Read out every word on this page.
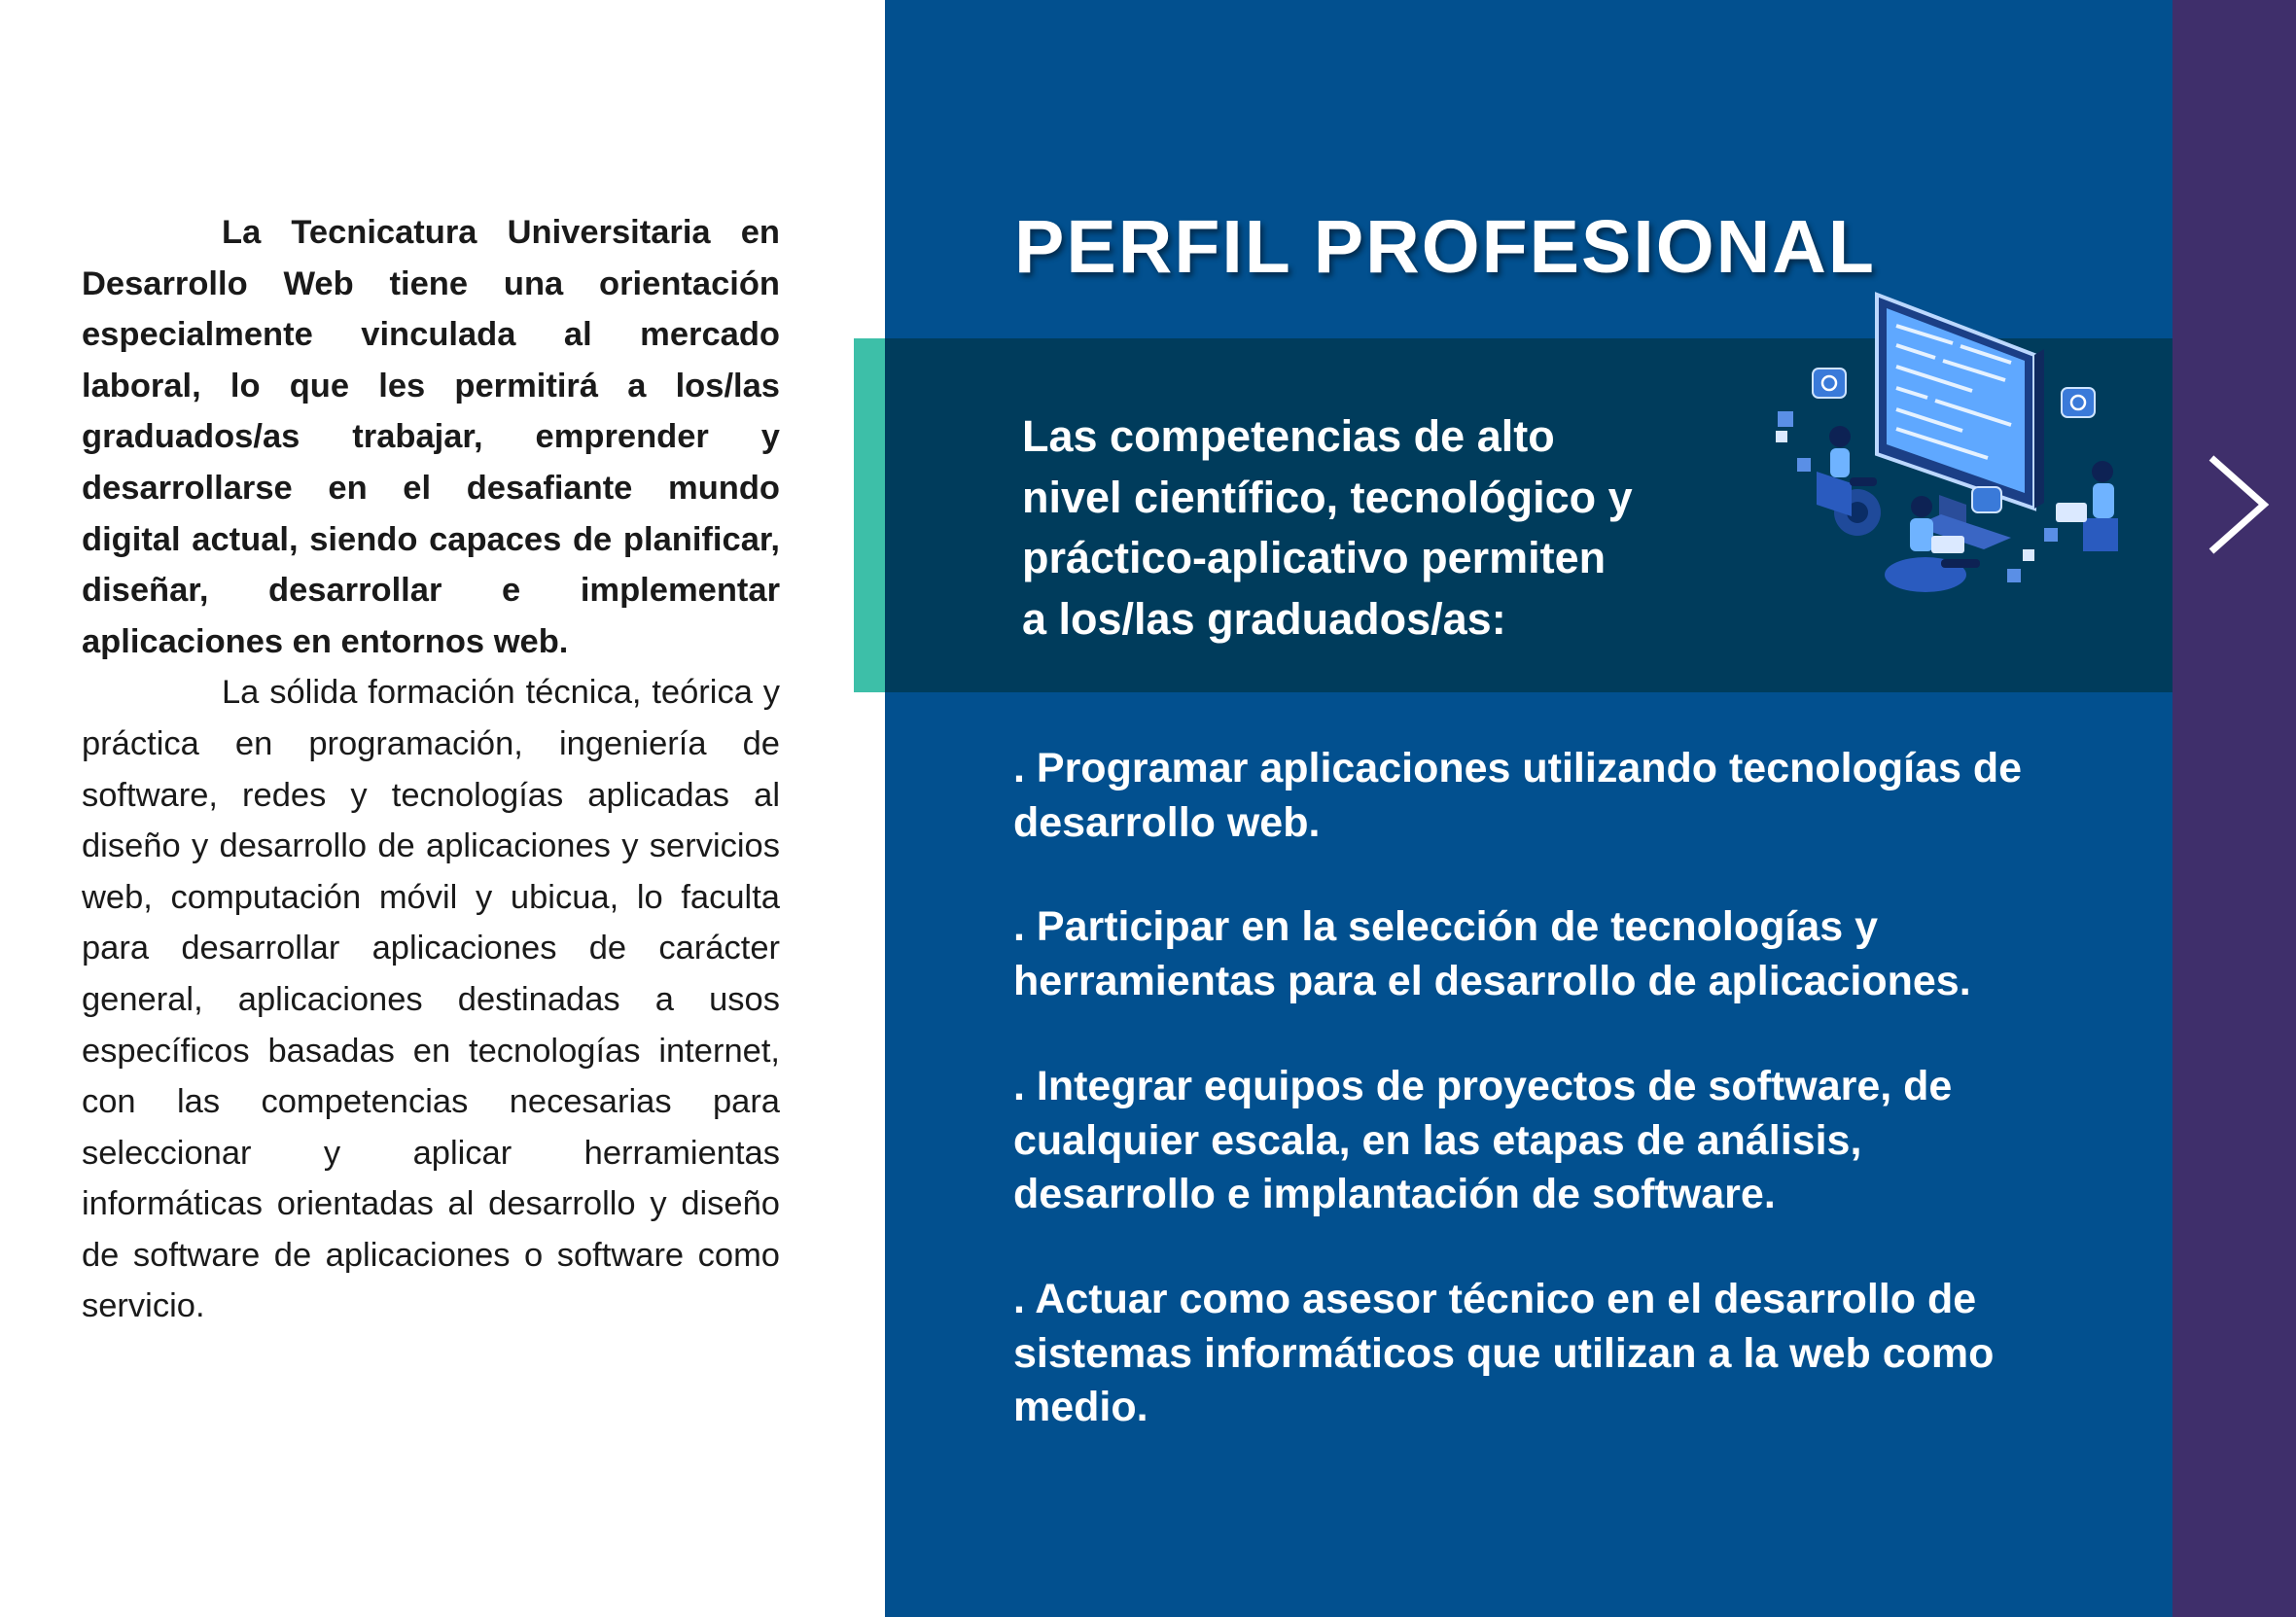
La Tecnicatura Universitaria en Desarrollo Web tiene una orientación especialmente vinculada al mercado laboral, lo que les permitirá a los/las graduados/as trabajar, emprender y desarrollarse en el desafiante mundo digital actual, siendo capaces de planificar, diseñar, desarrollar e implementar aplicaciones en entornos web.

La sólida formación técnica, teórica y práctica en programación, ingeniería de software, redes y tecnologías aplicadas al diseño y desarrollo de aplicaciones y servicios web, computación móvil y ubicua, lo faculta para desarrollar aplicaciones de carácter general, aplicaciones destinadas a usos específicos basadas en tecnologías internet, con las competencias necesarias para seleccionar y aplicar herramientas informáticas orientadas al desarrollo y diseño de software de aplicaciones o software como servicio.

PERFIL PROFESIONAL

Las competencias de alto
nivel científico, tecnológico y
práctico-aplicativo permiten
a los/las graduados/as:

. Programar aplicaciones utilizando tecnologías de desarrollo web.
. Participar en la selección de tecnologías y herramientas para el desarrollo de aplicaciones.
. Integrar equipos de proyectos de software, de cualquier escala, en las etapas de análisis, desarrollo e implantación de software.
. Actuar como asesor técnico en el desarrollo de sistemas informáticos que utilizan a la web como medio.
